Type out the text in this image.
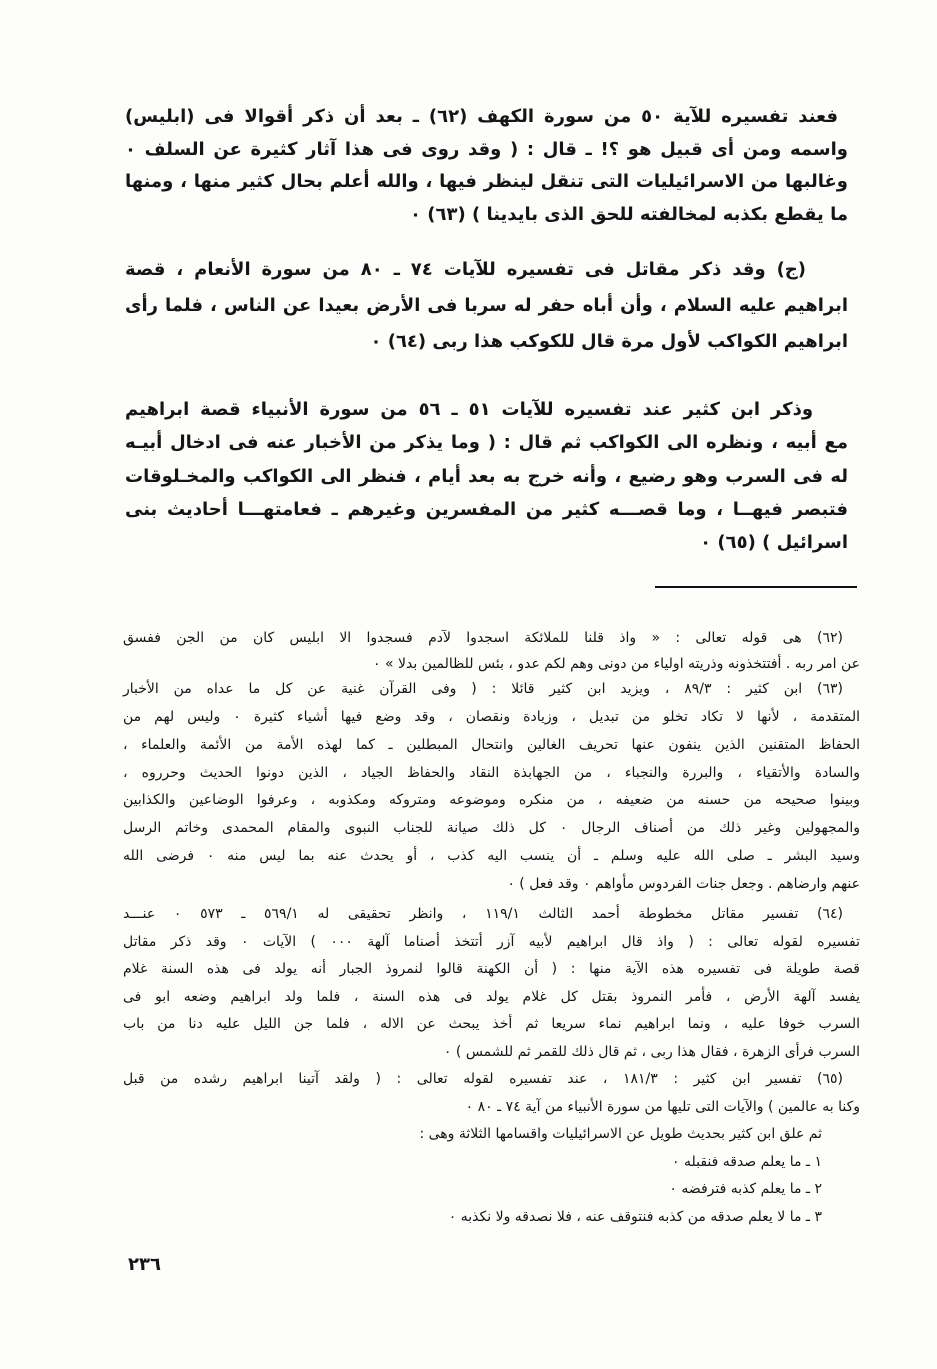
فعند تفسيره للآية ٥٠ من سورة الكهف (٦٢) ـ بعد أن ذكر أقوالا فى (ابليس)
واسمه ومن أى قبيل هو ؟! ـ قال : ( وقد روى فى هذا آثار كثيرة عن السلف ٠
وغالبها من الاسرائيليات التى تنقل لينظر فيها ، والله أعلم بحال كثير منها ، ومنها
ما يقطع بكذبه لمخالفته للحق الذى بايدينا ) (٦٣) ٠
(ج) وقد ذكر مقاتل فى تفسيره للآيات ٧٤ ـ ٨٠ من سورة الأنعام ، قصة
ابراهيم عليه السلام ، وأن أباه حفر له سربا فى الأرض بعيدا عن الناس ، فلما رأى
ابراهيم الكواكب لأول مرة قال للكوكب هذا ربى (٦٤) ٠
وذكر ابن كثير عند تفسيره للآيات ٥١ ـ ٥٦ من سورة الأنبياء قصة ابراهيم
مع أبيه ، ونظره الى الكواكب ثم قال : ( وما يذكر من الأخبار عنه فى ادخال أبيـه
له فى السرب وهو رضيع ، وأنه خرج به بعد أيام ، فنظر الى الكواكب والمخـلوقات
فتبصر فيهــا ، وما قصـــه كثير من المفسرين وغيرهم ـ فعامتهـــا أحاديث بنى
اسرائيل ) (٦٥) ٠
(٦٢) هى قوله تعالى : « واذ قلنا للملائكة اسجدوا لآدم فسجدوا الا ابليس كان من الجن ففسق
عن امر ربه . أفتتخذونه وذريته اولياء من دونى وهم لكم عدو ، بئس للظالمين بدلا » ٠
(٦٣) ابن كثير : ٨٩/٣ ، ويزيد ابن كثير قائلا : ( وفى القرآن غنية عن كل ما عداه من الأخبار
المتقدمة ، لأنها لا تكاد تخلو من تبديل ، وزيادة ونقصان ، وقد وضع فيها أشياء كثيرة ٠ وليس لهم من
الحفاظ المتقنين الذين ينفون عنها تحريف الغالين وانتحال المبطلين ـ كما لهذه الأمة من الأئمة والعلماء ،
والسادة والأتقياء ، والبررة والنجباء ، من الجهابذة النقاد والحفاظ الجياد ، الذين دونوا الحديث وحرروه ،
وبينوا صحيحه من حسنه من ضعيفه ، من منكره وموضوعه ومتروكه ومكذوبه ، وعرفوا الوضاعين والكذابين
والمجهولين وغير ذلك من أصناف الرجال ٠ كل ذلك صيانة للجناب النبوى والمقام المحمدى وخاتم الرسل
وسيد البشر ـ صلى الله عليه وسلم ـ أن ينسب اليه كذب ، أو يحدث عنه بما ليس منه ٠ فرضى الله
عنهم وارضاهم . وجعل جنات الفردوس مأواهم ٠ وقد فعل ) ٠
(٦٤) تفسير مقاتل مخطوطة أحمد الثالث ١١٩/١ ، وانظر تحقيقى له ٥٦٩/١ ـ ٥٧٣ ٠ عنـــد
تفسيره لقوله تعالى : ( واذ قال ابراهيم لأبيه آزر أتتخذ أصناما آلهة ٠٠٠ ) الآيات ٠ وقد ذكر مقاتل
قصة طويلة فى تفسيره هذه الآية منها : ( أن الكهنة قالوا لنمروذ الجبار أنه يولد فى هذه السنة غلام
يفسد آلهة الأرض ، فأمر النمروذ بقتل كل غلام يولد فى هذه السنة ، فلما ولد ابراهيم وضعه ابو فى
السرب خوفا عليه ، ونما ابراهيم نماء سريعا ثم أخذ يبحث عن الاله ، فلما جن الليل عليه دنا من باب
السرب فرأى الزهرة ، فقال هذا ربى ، ثم قال ذلك للقمر ثم للشمس ) ٠
(٦٥) تفسير ابن كثير : ١٨١/٣ ، عند تفسيره لقوله تعالى : ( ولقد آتينا ابراهيم رشده من قبل
وكنا به عالمين ) والآيات التى تليها من سورة الأنبياء من آية ٧٤ ـ ٨٠ ٠
ثم علق ابن كثير بحديث طويل عن الاسرائيليات واقسامها الثلاثة وهى :
١ ـ ما يعلم صدقه فنقبله ٠
٢ ـ ما يعلم كذبه فترفضه ٠
٣ ـ ما لا يعلم صدقه من كذبه فنتوقف عنه ، فلا نصدقه ولا نكذبه ٠
٢٣٦
